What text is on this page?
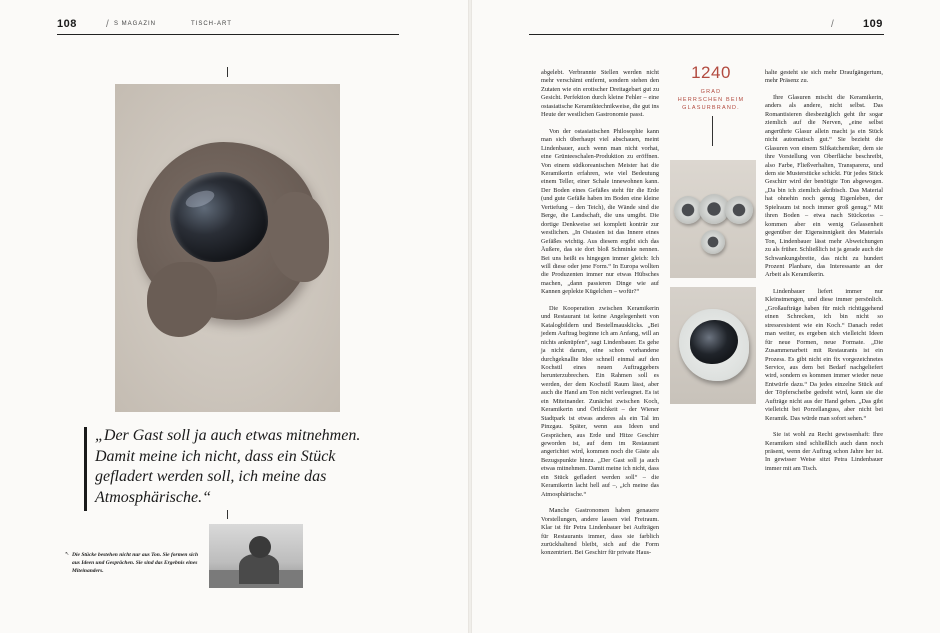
108	/ S MAGAZIN	TISCH-ART
„Der Gast soll ja auch etwas mitnehmen. Damit meine ich nicht, dass ein Stück gefladert werden soll, ich meine das Atmosphärische.“
↖ Die Stücke bestehen nicht nur aus Ton. Sie formen sich aus Ideen und Gesprächen. Sie sind das Ergebnis eines Miteinanders.
/	109

abgelebt. Verbrannte Stellen werden nicht mehr verschämt entfernt, sondern stehen den Zutaten wie ein erotischer Dreitagebart gut zu Gesicht. Perfektion durch kleine Fehler – eine ostasiatische Keramiktechnikweise, die gut ins Heute der westlichen Gastronomie passt.

Von der ostasiatischen Philosophie kann man sich überhaupt viel abschauen, meint Lindenbauer, auch wenn man nicht vorhat, eine Grünteeschalen-Produktion zu eröffnen. Von einem südkoreanischen Meister hat die Keramikerin erfahren, wie viel Bedeutung einem Teller, einer Schale innewohnen kann. Der Boden eines Gefäßes steht für die Erde (und gute Gefäße haben im Boden eine kleine Vertiefung – den Teich), die Wände sind die Berge, die Landschaft, die uns umgibt. Die dortige Denkweise sei komplett konträr zur westlichen. „In Ostasien ist das Innere eines Gefäßes wichtig. Aus diesem ergibt sich das Äußere, das sie dort bloß Schminke nennen. Bei uns heißt es hingegen immer gleich: Ich will diese oder jene Form.“ In Europa wollten die Produzenten immer nur etwas Hübsches machen, „dann passieren Dinge wie auf Kannen geplekte Kügelchen – wofür?“

Die Kooperation zwischen Keramikerin und Restaurant ist keine Angelegenheit von Katalogbildern und Bestellmausklicks. „Bei jedem Auftrag beginne ich am Anfang, will an nichts anknüpfen“, sagt Lindenbauer. Es gehe ja nicht darum, eine schon vorhandene durchgeknallte Idee schnell einmal auf den Kochstil eines neuen Auftraggebers herunterzubrechen. Ein Rahmen soll es werden, der dem Kochstil Raum lässt, aber auch die Hand am Ton nicht verleugnet. Es ist ein Miteinander. Zunächst zwischen Koch, Keramikerin und Örtlichkeit – der Wiener Stadtpark ist etwas anderes als ein Tal im Pinzgau. Später, wenn aus Ideen und Gesprächen, aus Erde und Hitze Geschirr geworden ist, auf dem im Restaurant angerichtet wird, kommen noch die Gäste als Bezugspunkte hinzu. „Der Gast soll ja auch etwas mitnehmen. Damit meine ich nicht, dass ein Stück gefladert werden soll“ – die Keramikerin lacht hell auf –, „ich meine das Atmosphärische.“

Manche Gastronomen haben genauere Vorstellungen, andere lassen viel Freiraum. Klar ist für Petra Lindenbauer bei Aufträgen für Restaurants immer, dass sie farblich zurückhaltend bleibt, sich auf die Form konzentriert. Bei Geschirr für private Haus-

1240
GRAD
HERRSCHEN BEIM
GLASURBRAND.

halte gesteht sie sich mehr Draufgängertum, mehr Präsenz zu.

Ihre Glasuren mischt die Keramikerin, anders als andere, nicht selbst. Das Romantisieren diesbezüglich geht ihr sogar ziemlich auf die Nerven, „eine selbst angerührte Glasur allein macht ja ein Stück nicht automatisch gut.“ Sie bezieht die Glasuren von einem Silikatchemiker, dem sie ihre Vorstellung von Oberfläche beschreibt, also Farbe, Fließverhalten, Transparenz, und dem sie Musterstücke schickt. Für jedes Stück Geschirr wird der benötigte Ton abgewogen. „Da bin ich ziemlich akribisch. Das Material hat ohnehin noch genug Eigenleben, der Spielraum ist noch immer groß genug.“ Mit ihren Boden – etwa nach Stückzeiss – kommen aber ein wenig Gelassenheit gegenüber der Eigensinnigkeit des Materials Ton, Lindenbauer lässt mehr Abweichungen zu als früher. Schließlich ist ja gerade auch die Schwankungsbreite, das nicht zu hundert Prozent Planbare, das Interessante an der Arbeit als Keramikerin.

Lindenbauer liefert immer nur Kleinstmengen, und diese immer persönlich. „Großaufträge haben für mich richtiggehend einen Schrecken, ich bin nicht so stressresistent wie ein Koch.“ Danach redet man weiter, es ergeben sich vielleicht Ideen für neue Formen, neue Formate. „Die Zusammenarbeit mit Restaurants ist ein Prozess. Es gibt nicht ein fix vorgezeichnetes Service, aus dem bei Bedarf nachgeliefert wird, sondern es kommen immer wieder neue Entwürfe dazu.“ Da jedes einzelne Stück auf der Töpferscheibe gedreht wird, kann sie die Aufträge nicht aus der Hand geben. „Das gibt vielleicht bei Porzellanguss, aber nicht bei Keramik. Das würde man sofort sehen.“

Sie ist wohl zu Recht gewissenhaft: Ihre Keramiken sind schließlich auch dann noch präsent, wenn der Auftrag schon Jahre her ist. In gewisser Weise sitzt Petra Lindenbauer immer mit am Tisch.
